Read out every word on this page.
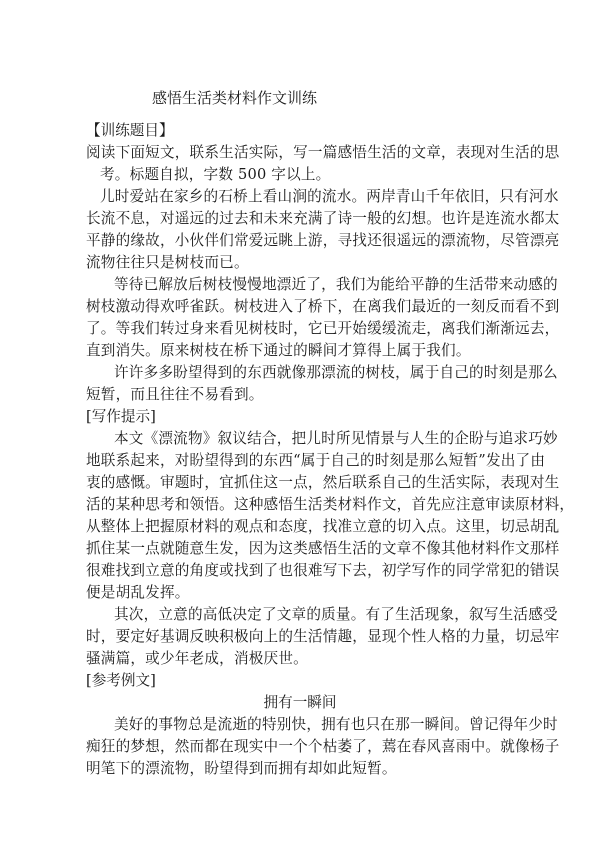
感悟生活类材料作文训练
【训练题目】
阅读下面短文，联系生活实际，写一篇感悟生活的文章，表现对生活的思
考。标题自拟，字数 500 字以上。
儿时爱站在家乡的石桥上看山涧的流水。两岸青山千年依旧，只有河水
长流不息，对遥远的过去和未来充满了诗一般的幻想。也许是连流水都太
平静的缘故，小伙伴们常爱远眺上游，寻找还很遥远的漂流物，尽管漂亮
流物往往只是树枝而已。
等待已解放后树枝慢慢地漂近了，我们为能给平静的生活带来动感的
树枝激动得欢呼雀跃。树枝进入了桥下，在离我们最近的一刻反而看不到
了。等我们转过身来看见树枝时，它已开始缓缓流走，离我们渐渐远去，
直到消失。原来树枝在桥下通过的瞬间才算得上属于我们。
许许多多盼望得到的东西就像那漂流的树枝，属于自己的时刻是那么
短暂，而且往往不易看到。
[写作提示]
本文《漂流物》叙议结合，把儿时所见情景与人生的企盼与追求巧妙
地联系起来，对盼望得到的东西“属于自己的时刻是那么短暂”发出了由
衷的感慨。审题时，宜抓住这一点，然后联系自己的生活实际，表现对生
活的某种思考和领悟。这种感悟生活类材料作文，首先应注意审读原材料，
从整体上把握原材料的观点和态度，找准立意的切入点。这里，切忌胡乱
抓住某一点就随意生发，因为这类感悟生活的文章不像其他材料作文那样
很难找到立意的角度或找到了也很难写下去，初学写作的同学常犯的错误
便是胡乱发挥。
其次，立意的高低决定了文章的质量。有了生活现象，叙写生活感受
时，要定好基调反映积极向上的生活情趣，显现个性人格的力量，切忌牢
骚满篇，或少年老成，消极厌世。
[参考例文]
拥有一瞬间
美好的事物总是流逝的特别快，拥有也只在那一瞬间。曾记得年少时
痴狂的梦想，然而都在现实中一个个枯萎了，蔫在春风喜雨中。就像杨子
明笔下的漂流物，盼望得到而拥有却如此短暂。
